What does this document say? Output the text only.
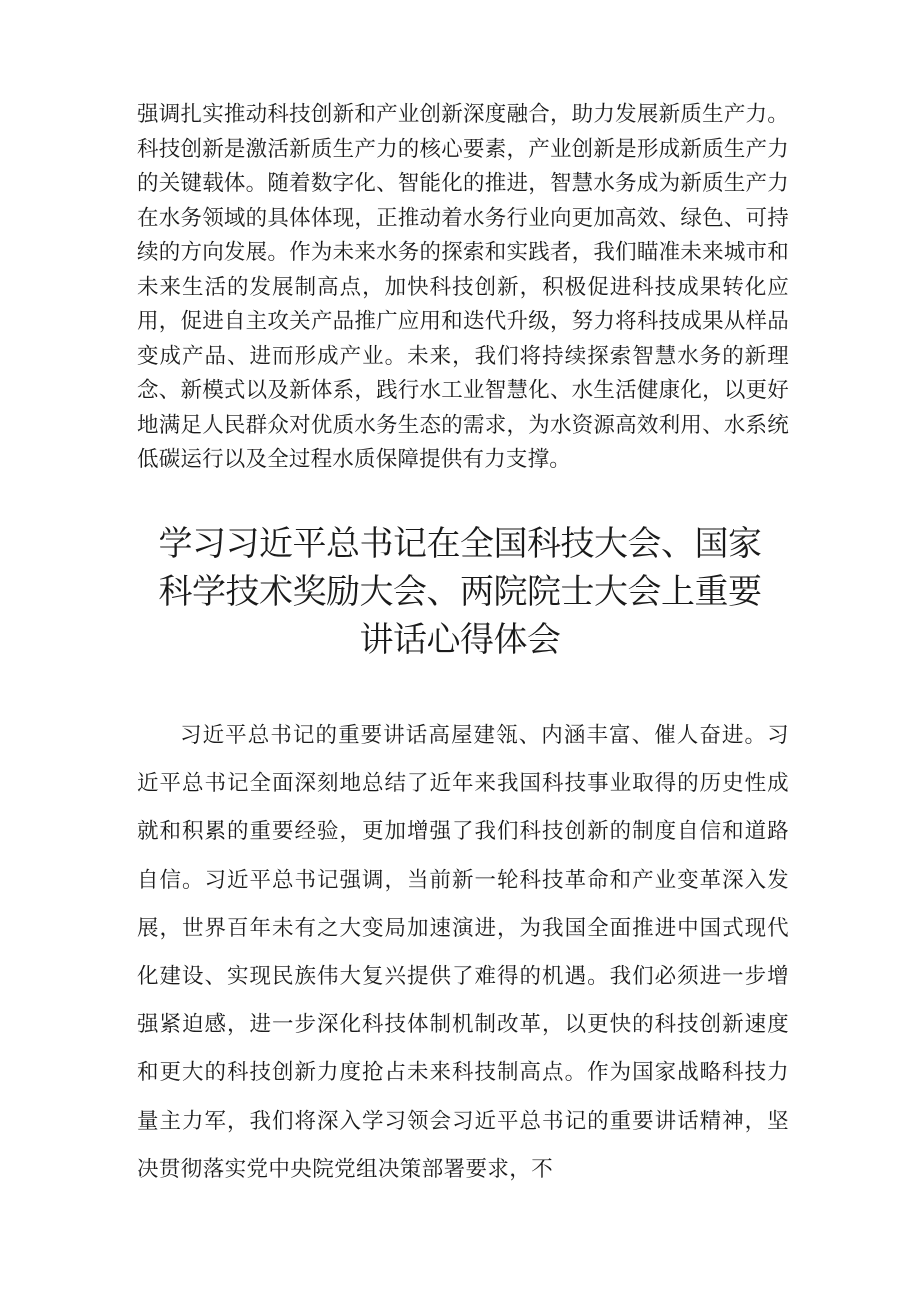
强调扎实推动科技创新和产业创新深度融合，助力发展新质生产力。科技创新是激活新质生产力的核心要素，产业创新是形成新质生产力的关键载体。随着数字化、智能化的推进，智慧水务成为新质生产力在水务领域的具体体现，正推动着水务行业向更加高效、绿色、可持续的方向发展。作为未来水务的探索和实践者，我们瞄准未来城市和未来生活的发展制高点，加快科技创新，积极促进科技成果转化应用，促进自主攻关产品推广应用和迭代升级，努力将科技成果从样品变成产品、进而形成产业。未来，我们将持续探索智慧水务的新理念、新模式以及新体系，践行水工业智慧化、水生活健康化，以更好地满足人民群众对优质水务生态的需求，为水资源高效利用、水系统低碳运行以及全过程水质保障提供有力支撑。

学习习近平总书记在全国科技大会、国家
科学技术奖励大会、两院院士大会上重要
讲话心得体会

习近平总书记的重要讲话高屋建瓴、内涵丰富、催人奋进。习近平总书记全面深刻地总结了近年来我国科技事业取得的历史性成就和积累的重要经验，更加增强了我们科技创新的制度自信和道路自信。习近平总书记强调，当前新一轮科技革命和产业变革深入发展，世界百年未有之大变局加速演进，为我国全面推进中国式现代化建设、实现民族伟大复兴提供了难得的机遇。我们必须进一步增强紧迫感，进一步深化科技体制机制改革，以更快的科技创新速度和更大的科技创新力度抢占未来科技制高点。作为国家战略科技力量主力军，我们将深入学习领会习近平总书记的重要讲话精神，坚决贯彻落实党中央院党组决策部署要求，不
